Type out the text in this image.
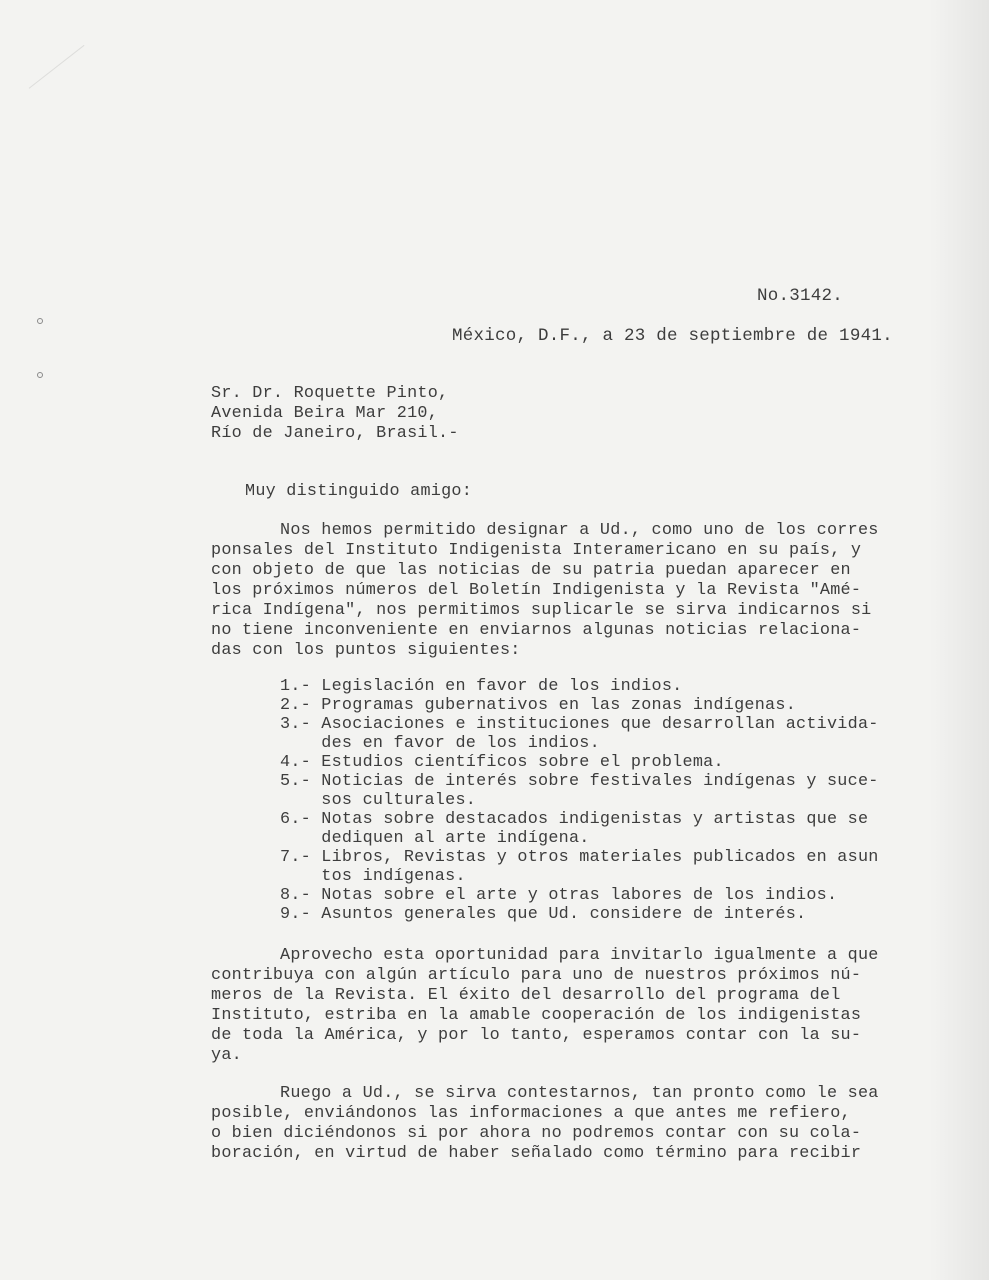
No.3142.
México, D.F., a 23 de septiembre de 1941.
Sr. Dr. Roquette Pinto,
Avenida Beira Mar 210,
Río de Janeiro, Brasil.-
Muy distinguido amigo:
Nos hemos permitido designar a Ud., como uno de los corres
ponsales del Instituto Indigenista Interamericano en su país, y
con objeto de que las noticias de su patria puedan aparecer en
los próximos números del Boletín Indigenista y la Revista "Amé-
rica Indígena", nos permitimos suplicarle se sirva indicarnos si
no tiene inconveniente en enviarnos algunas noticias relaciona-
das con los puntos siguientes:
1.- Legislación en favor de los indios.
2.- Programas gubernativos en las zonas indígenas.
3.- Asociaciones e instituciones que desarrollan activida-
des en favor de los indios.
4.- Estudios científicos sobre el problema.
5.- Noticias de interés sobre festivales indígenas y suce-
sos culturales.
6.- Notas sobre destacados indigenistas y artistas que se
dediquen al arte indígena.
7.- Libros, Revistas y otros materiales publicados en asun
tos indígenas.
8.- Notas sobre el arte y otras labores de los indios.
9.- Asuntos generales que Ud. considere de interés.
Aprovecho esta oportunidad para invitarlo igualmente a que
contribuya con algún artículo para uno de nuestros próximos nú-
meros de la Revista. El éxito del desarrollo del programa del
Instituto, estriba en la amable cooperación de los indigenistas
de toda la América, y por lo tanto, esperamos contar con la su-
ya.
Ruego a Ud., se sirva contestarnos, tan pronto como le sea
posible, enviándonos las informaciones a que antes me refiero,
o bien diciéndonos si por ahora no podremos contar con su cola-
boración, en virtud de haber señalado como término para recibir
